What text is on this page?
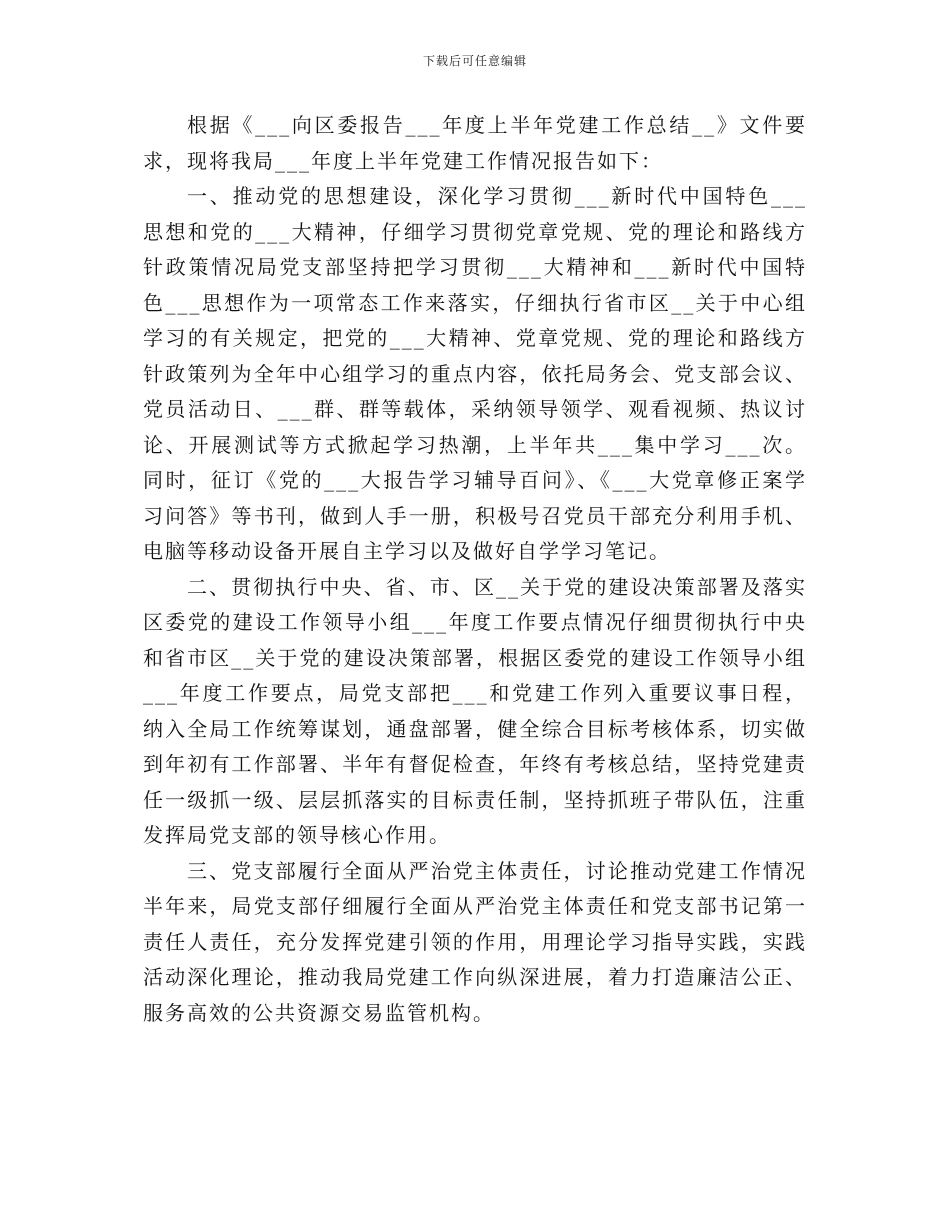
下载后可任意编辑

根据《___向区委报告___年度上半年党建工作总结__》文件要求，现将我局___年度上半年党建工作情况报告如下：

一、推动党的思想建设，深化学习贯彻___新时代中国特色___思想和党的___大精神，仔细学习贯彻党章党规、党的理论和路线方针政策情况局党支部坚持把学习贯彻___大精神和___新时代中国特色___思想作为一项常态工作来落实，仔细执行省市区__关于中心组学习的有关规定，把党的___大精神、党章党规、党的理论和路线方针政策列为全年中心组学习的重点内容，依托局务会、党支部会议、党员活动日、___群、群等载体，采纳领导领学、观看视频、热议讨论、开展测试等方式掀起学习热潮，上半年共___集中学习___次。同时，征订《党的___大报告学习辅导百问》、《___大党章修正案学习问答》等书刊，做到人手一册，积极号召党员干部充分利用手机、电脑等移动设备开展自主学习以及做好自学学习笔记。

二、贯彻执行中央、省、市、区__关于党的建设决策部署及落实区委党的建设工作领导小组___年度工作要点情况仔细贯彻执行中央和省市区__关于党的建设决策部署，根据区委党的建设工作领导小组___年度工作要点，局党支部把___和党建工作列入重要议事日程，纳入全局工作统筹谋划，通盘部署，健全综合目标考核体系，切实做到年初有工作部署、半年有督促检查，年终有考核总结，坚持党建责任一级抓一级、层层抓落实的目标责任制，坚持抓班子带队伍，注重发挥局党支部的领导核心作用。

三、党支部履行全面从严治党主体责任，讨论推动党建工作情况半年来，局党支部仔细履行全面从严治党主体责任和党支部书记第一责任人责任，充分发挥党建引领的作用，用理论学习指导实践，实践活动深化理论，推动我局党建工作向纵深进展，着力打造廉洁公正、服务高效的公共资源交易监管机构。
